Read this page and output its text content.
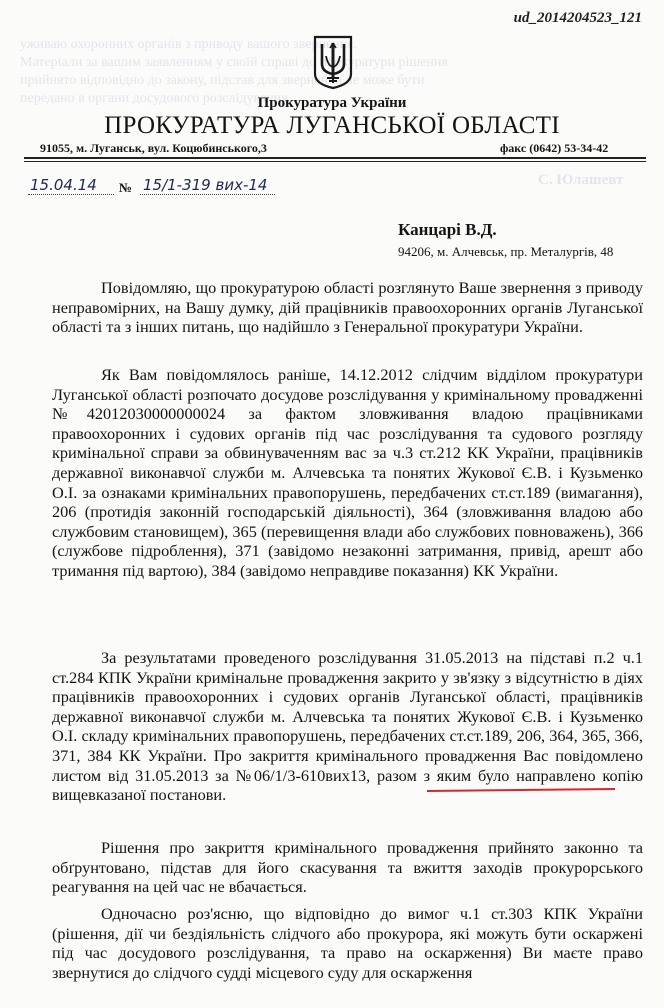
уживаю охоронних органів з приводу вашого звернення.
Матеріали за вашим заявленням у своїй справі до прокуратури рішення
прийнято відповідно до закону, підстав для звернення не може бути
передано в органи досудового розслідування.
С. Юлашевт
ud_2014204523_121
Прокуратура України
ПРОКУРАТУРА ЛУГАНСЬКОЇ ОБЛАСТІ
91055, м. Луганськ, вул. Коцюбинського,3	факс (0642) 53-34-42
15.04.14 № 15/1-319 вих-14
Канцарі В.Д.
94206, м. Алчевськ, пр. Металургів, 48

Повідомляю, що прокуратурою області розглянуто Ваше звернення з приводу неправомірних, на Вашу думку, дій працівників правоохоронних органів Луганської області та з інших питань, що надійшло з Генеральної прокуратури України.

Як Вам повідомлялось раніше, 14.12.2012 слідчим відділом прокуратури Луганської області розпочато досудове розслідування у кримінальному провадженні №42012030000000024 за фактом зловживання владою працівниками правоохоронних і судових органів під час розслідування та судового розгляду кримінальної справи за обвинуваченням вас за ч.3 ст.212 КК України, працівників державної виконавчої служби м. Алчевська та понятих Жукової Є.В. і Кузьменко О.І. за ознаками кримінальних правопорушень, передбачених ст.ст.189 (вимагання), 206 (протидія законній господарській діяльності), 364 (зловживання владою або службовим становищем), 365 (перевищення влади або службових повноважень), 366 (службове підроблення), 371 (завідомо незаконні затримання, привід, арешт або тримання під вартою), 384 (завідомо неправдиве показання) КК України.

За результатами проведеного розслідування 31.05.2013 на підставі п.2 ч.1 ст.284 КПК України кримінальне провадження закрито у зв'язку з відсутністю в діях працівників правоохоронних і судових органів Луганської області, працівників державної виконавчої служби м. Алчевська та понятих Жукової Є.В. і Кузьменко О.І. складу кримінальних правопорушень, передбачених ст.ст.189, 206, 364, 365, 366, 371, 384 КК України. Про закриття кримінального провадження Вас повідомлено листом від 31.05.2013 за №06/1/3-610вих13, разом з яким було направлено копію вищевказаної постанови.

Рішення про закриття кримінального провадження прийнято законно та обґрунтовано, підстав для його скасування та вжиття заходів прокурорського реагування на цей час не вбачається.

Одночасно роз'ясню, що відповідно до вимог ч.1 ст.303 КПК України (рішення, дії чи бездіяльність слідчого або прокурора, які можуть бути оскаржені під час досудового розслідування, та право на оскарження) Ви маєте право звернутися до слідчого судді місцевого суду для оскарження
